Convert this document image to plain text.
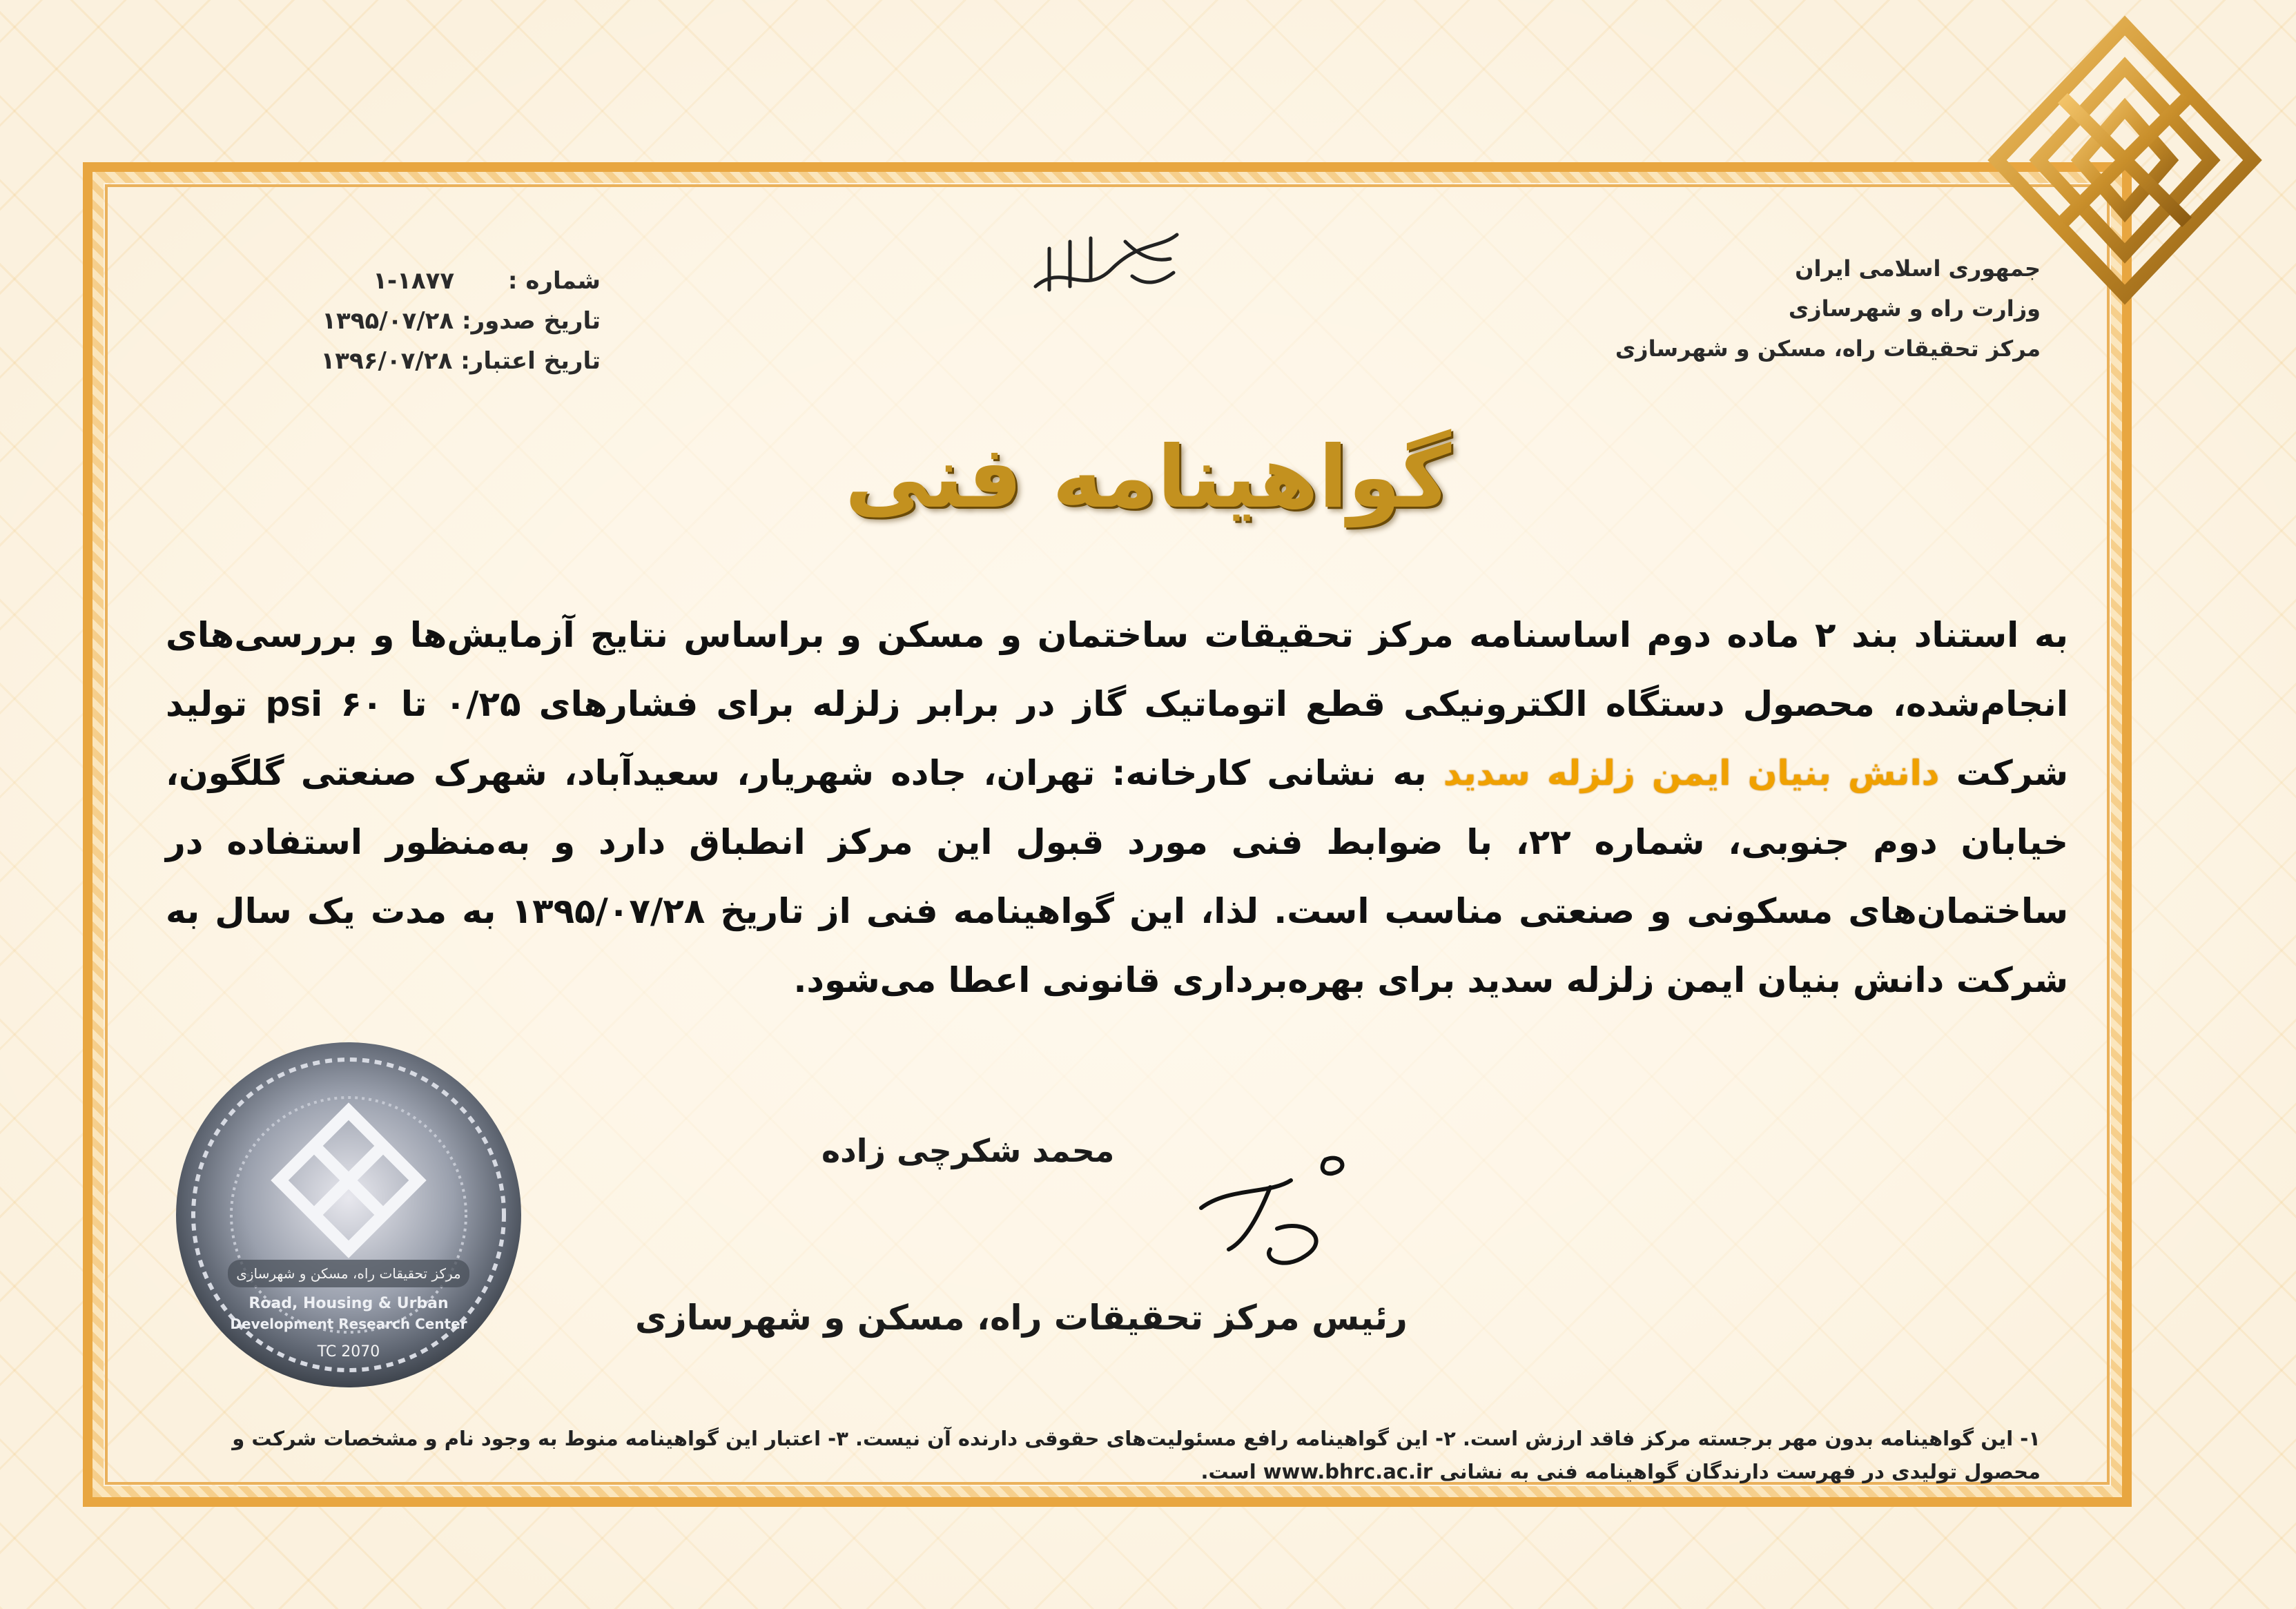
جمهوری اسلامی ایران
وزارت راه و شهرسازی
مرکز تحقیقات راه، مسکن و شهرسازی
شماره : ۱-۱۸۷۷
تاریخ صدور: ۱۳۹۵/۰۷/۲۸
تاریخ اعتبار: ۱۳۹۶/۰۷/۲۸
گواهینامه فنی
به استناد بند ۲ ماده دوم اساسنامه مرکز تحقیقات ساختمان و مسکن و براساس نتایج آزمایش‌ها و بررسی‌های انجام‌شده، محصول دستگاه الکترونیکی قطع اتوماتیک گاز در برابر زلزله برای فشارهای ۰/۲۵ تا ۶۰ psi تولید شرکت دانش بنیان ایمن زلزله سدید به نشانی کارخانه: تهران، جاده شهریار، سعیدآباد، شهرک صنعتی گلگون، خیابان دوم جنوبی، شماره ۲۲، با ضوابط فنی مورد قبول این مرکز انطباق دارد و به‌منظور استفاده در ساختمان‌های مسکونی و صنعتی مناسب است. لذا، این گواهینامه فنی از تاریخ ۱۳۹۵/۰۷/۲۸ به مدت یک سال به شرکت دانش بنیان ایمن زلزله سدید برای بهره‌برداری قانونی اعطا می‌شود.
مرکز تحقیقات راه، مسکن و شهرسازی
Road, Housing & Urban
Development Research Center
TC 2070
محمد شکرچی زاده
رئیس مرکز تحقیقات راه، مسکن و شهرسازی
۱- این گواهینامه بدون مهر برجسته مرکز فاقد ارزش است. ۲- این گواهینامه رافع مسئولیت‌های حقوقی دارنده آن نیست. ۳- اعتبار این گواهینامه منوط به وجود نام و مشخصات شرکت و محصول تولیدی در فهرست دارندگان گواهینامه فنی به نشانی www.bhrc.ac.ir است.
